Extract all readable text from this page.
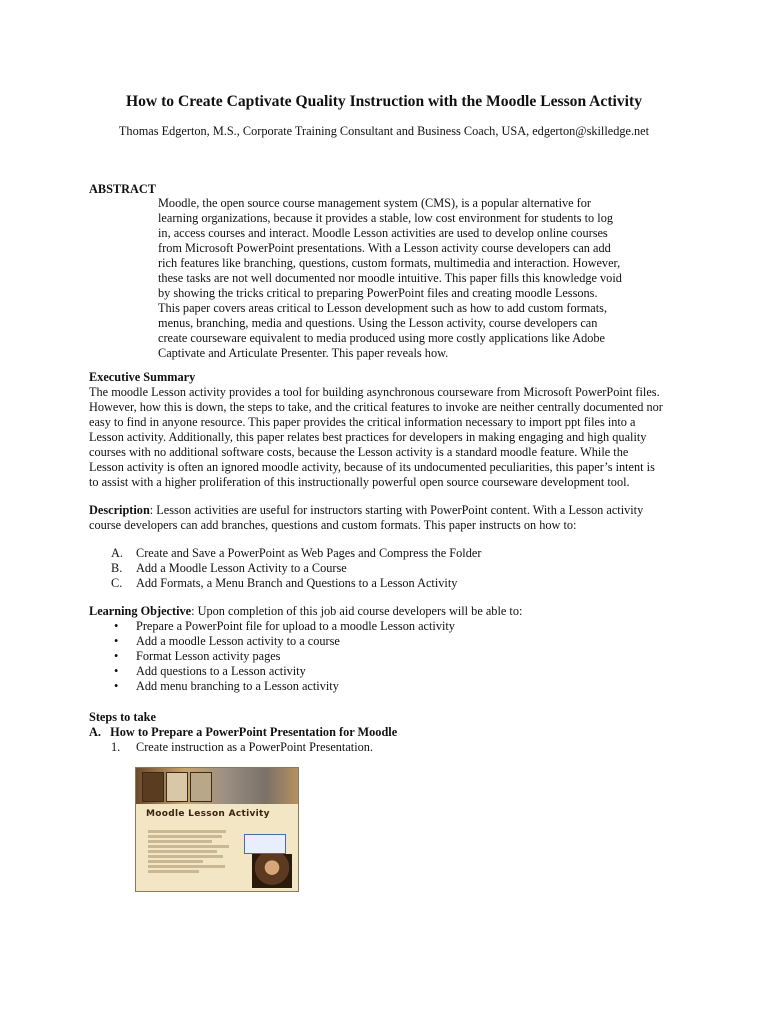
How to Create Captivate Quality Instruction with the Moodle Lesson Activity
Thomas Edgerton, M.S., Corporate Training Consultant and Business Coach, USA, edgerton@skilledge.net
ABSTRACT
Moodle, the open source course management system (CMS), is a popular alternative for
learning organizations, because it provides a stable, low cost environment for students to log
in, access courses and interact. Moodle Lesson activities are used to develop online courses
from Microsoft PowerPoint presentations. With a Lesson activity course developers can add
rich features like branching, questions, custom formats, multimedia and interaction. However,
these tasks are not well documented nor moodle intuitive. This paper fills this knowledge void
by showing the tricks critical to preparing PowerPoint files and creating moodle Lessons.
This paper covers areas critical to Lesson development such as how to add custom formats,
menus, branching, media and questions. Using the Lesson activity, course developers can
create courseware equivalent to media produced using more costly applications like Adobe
Captivate and Articulate Presenter. This paper reveals how.
Executive Summary
The moodle Lesson activity provides a tool for building asynchronous courseware from Microsoft PowerPoint files.
However, how this is down, the steps to take, and the critical features to invoke are neither centrally documented nor
easy to find in anyone resource. This paper provides the critical information necessary to import ppt files into a
Lesson activity. Additionally, this paper relates best practices for developers in making engaging and high quality
courses with no additional software costs, because the Lesson activity is a standard moodle feature. While the
Lesson activity is often an ignored moodle activity, because of its undocumented peculiarities, this paper’s intent is
to assist with a higher proliferation of this instructionally powerful open source courseware development tool.
Description: Lesson activities are useful for instructors starting with PowerPoint content. With a Lesson activity
course developers can add branches, questions and custom formats. This paper instructs on how to:
A.	Create and Save a PowerPoint as Web Pages and Compress the Folder
B.	Add a Moodle Lesson Activity to a Course
C.	Add Formats, a Menu Branch and Questions to a Lesson Activity
Learning Objective: Upon completion of this job aid course developers will be able to:
•	Prepare a PowerPoint file for upload to a moodle Lesson activity
•	Add a moodle Lesson activity to a course
•	Format Lesson activity pages
•	Add questions to a Lesson activity
•	Add menu branching to a Lesson activity
Steps to take
A.   How to Prepare a PowerPoint Presentation for Moodle
1.	Create instruction as a PowerPoint Presentation.
Moodle Lesson Activity
